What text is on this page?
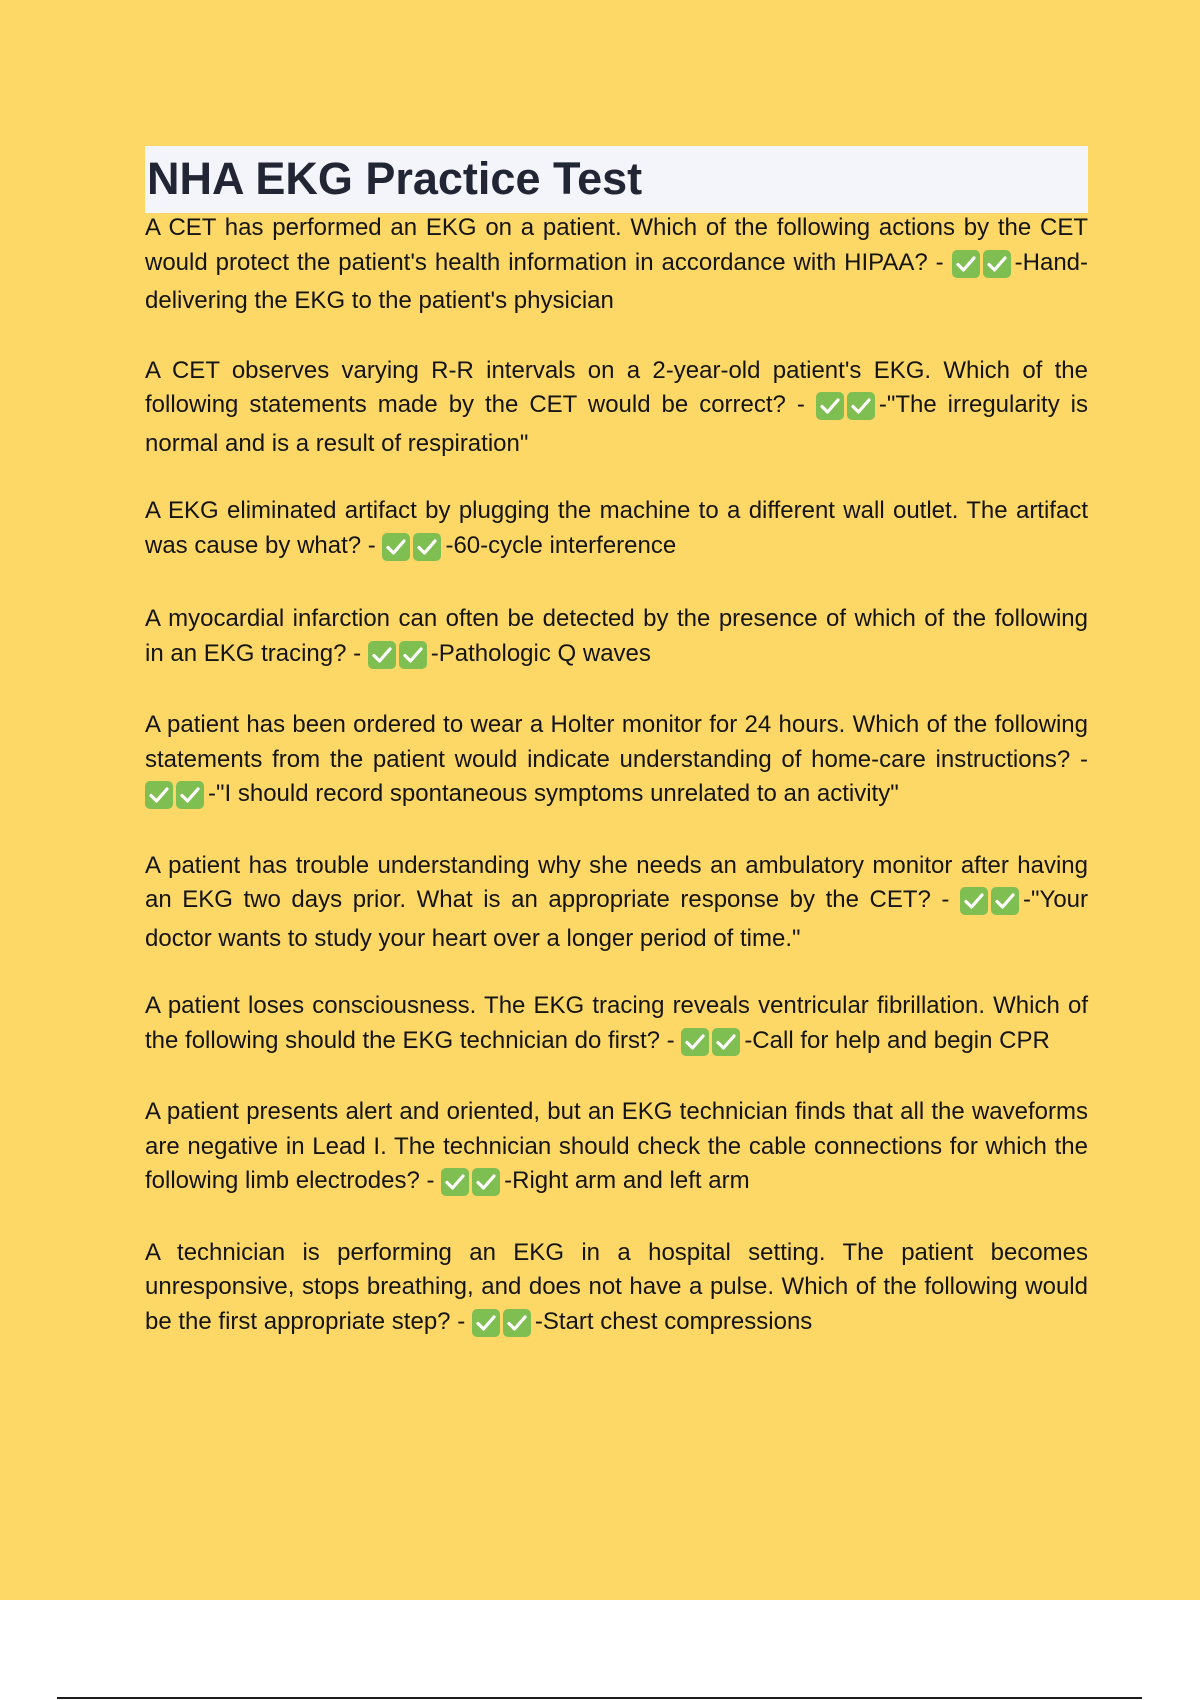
NHA EKG Practice Test

A CET has performed an EKG on a patient. Which of the following actions by the CET would protect the patient's health information in accordance with HIPAA? -	-Hand-delivering the EKG to the patient's physician

A CET observes varying R-R intervals on a 2-year-old patient's EKG. Which of the following statements made by the CET would be correct? -	-"The irregularity is normal and is a result of respiration"

A EKG eliminated artifact by plugging the machine to a different wall outlet. The artifact was cause by what? -	-60-cycle interference

A myocardial infarction can often be detected by the presence of which of the following in an EKG tracing? -	-Pathologic Q waves

A patient has been ordered to wear a Holter monitor for 24 hours. Which of the following statements from the patient would indicate understanding of home-care instructions? -
-"I should record spontaneous symptoms unrelated to an activity"

A patient has trouble understanding why she needs an ambulatory monitor after having an EKG two days prior. What is an appropriate response by the CET? -	-"Your doctor wants to study your heart over a longer period of time."

A patient loses consciousness. The EKG tracing reveals ventricular fibrillation. Which of the following should the EKG technician do first? -	-Call for help and begin CPR

A patient presents alert and oriented, but an EKG technician finds that all the waveforms are negative in Lead I. The technician should check the cable connections for which the following limb electrodes? -	-Right arm and left arm

A technician is performing an EKG in a hospital setting. The patient becomes unresponsive, stops breathing, and does not have a pulse. Which of the following would be the first appropriate step? -	-Start chest compressions
